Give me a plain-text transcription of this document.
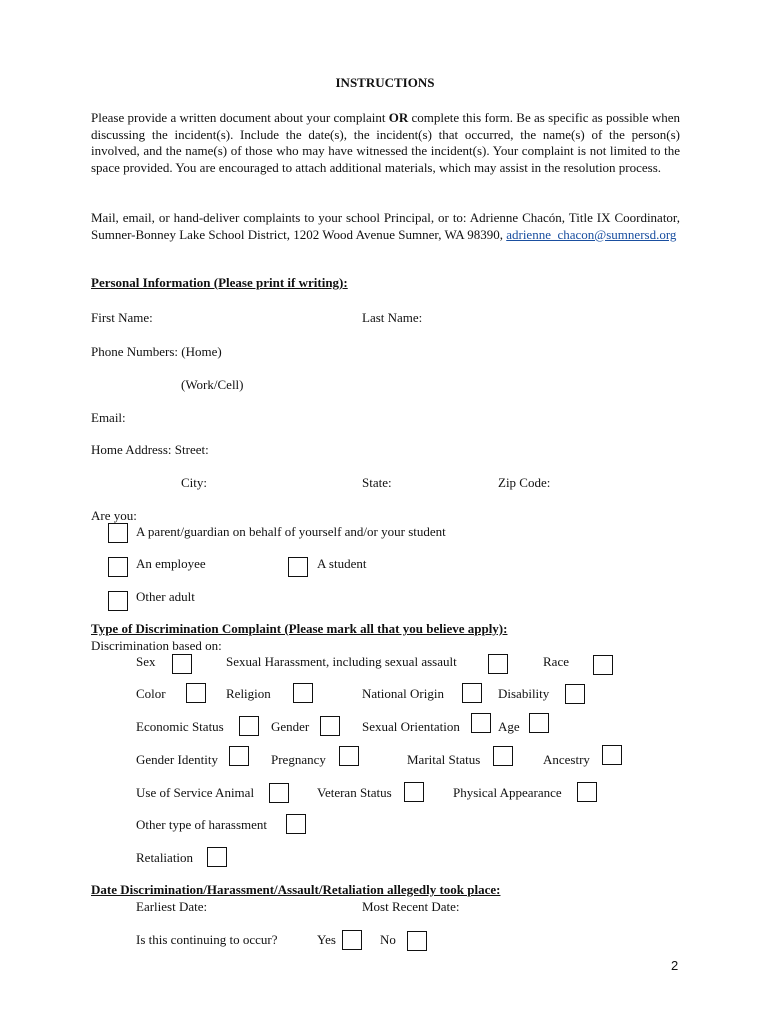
INSTRUCTIONS
Please provide a written document about your complaint OR complete this form. Be as specific as possible when discussing the incident(s). Include the date(s), the incident(s) that occurred, the name(s) of the person(s) involved, and the name(s) of those who may have witnessed the incident(s). Your complaint is not limited to the space provided. You are encouraged to attach additional materials, which may assist in the resolution process.
Mail, email, or hand-deliver complaints to your school Principal, or to: Adrienne Chacón, Title IX Coordinator, Sumner-Bonney Lake School District, 1202 Wood Avenue Sumner, WA 98390, adrienne_chacon@sumnersd.org
Personal Information (Please print if writing):
First Name:	Last Name:
Phone Numbers: (Home)
(Work/Cell)
Email:
Home Address: Street:
City:	State:	Zip Code:
Are you:
A parent/guardian on behalf of yourself and/or your student
An employee	A student
Other adult
Type of Discrimination Complaint (Please mark all that you believe apply):
Discrimination based on:
Sex	Sexual Harassment, including sexual assault	Race
Color	Religion	National Origin	Disability
Economic Status	Gender	Sexual Orientation	Age
Gender Identity	Pregnancy	Marital Status	Ancestry
Use of Service Animal	Veteran Status	Physical Appearance
Other type of harassment
Retaliation
Date Discrimination/Harassment/Assault/Retaliation allegedly took place:
Earliest Date:	Most Recent Date:
Is this continuing to occur?	Yes	No
2
